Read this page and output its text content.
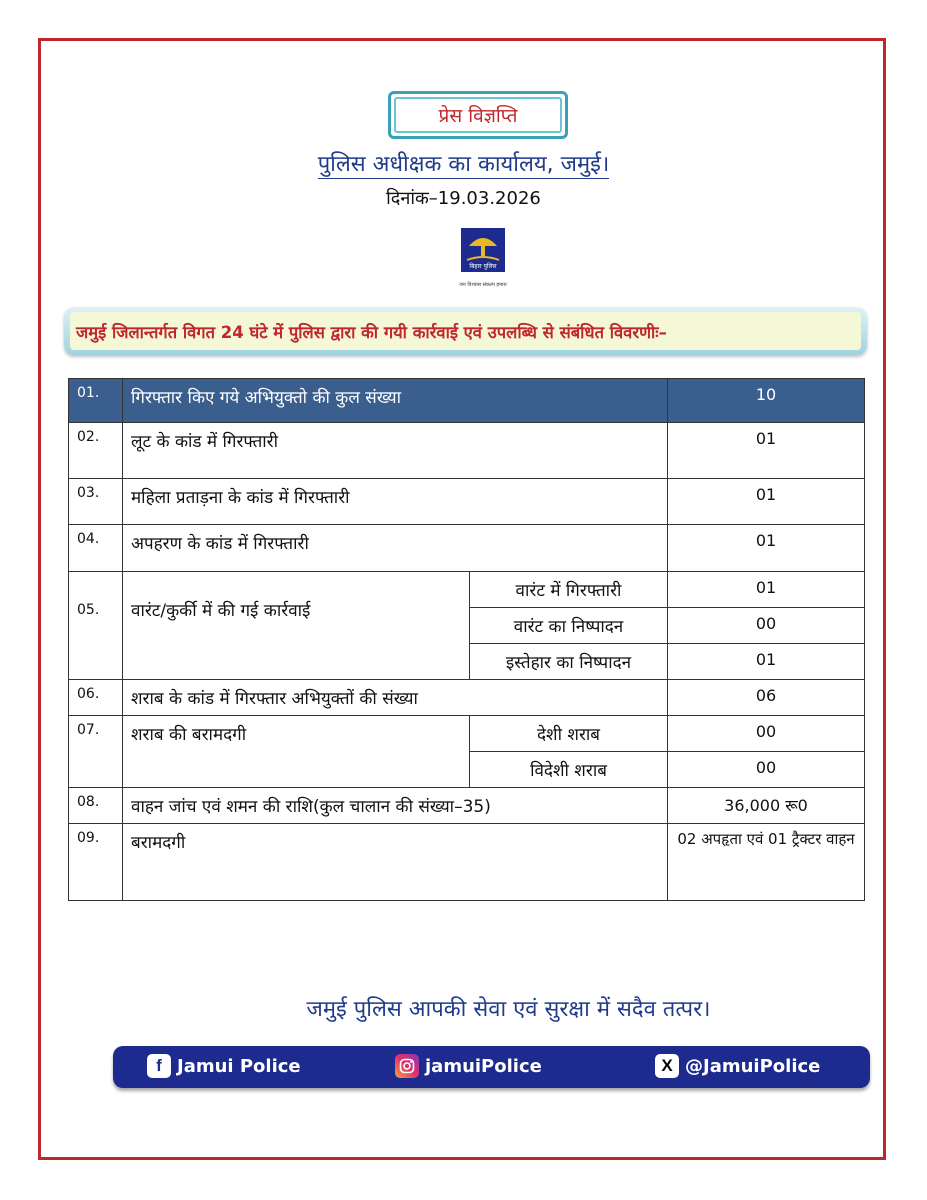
प्रेस विज्ञप्ति
पुलिस अधीक्षक का कार्यालय, जमुई।
दिनांक–19.03.2026
बिहार पुलिस
जन विश्वास संकल्प हमारा
जमुई जिलान्तर्गत विगत 24 घंटे में पुलिस द्वारा की गयी कार्रवाई एवं उपलब्धि से संबंधित विवरणीः–
01.	गिरफ्तार किए गये अभियुक्तो की कुल संख्या		10
02.	लूट के कांड में गिरफ्तारी		01
03.	महिला प्रताड़ना के कांड में गिरफ्तारी		01
04.	अपहरण के कांड में गिरफ्तारी		01
05.	वारंट/कुर्की में की गई कार्रवाई	वारंट में गिरफ्तारी	01
		वारंट का निष्पादन	00
		इस्तेहार का निष्पादन	01
06.	शराब के कांड में गिरफ्तार अभियुक्तों की संख्या		06
07.	शराब की बरामदगी	देशी शराब	00
		विदेशी शराब	00
08.	वाहन जांच एवं शमन की राशि(कुल चालान की संख्या–35)		36,000 रू0
09.	बरामदगी		02 अपहृता एवं 01 ट्रैक्टर वाहन
जमुई पुलिस आपकी सेवा एवं सुरक्षा में सदैव तत्पर।
f Jamui Police	jamuiPolice	X @JamuiPolice
